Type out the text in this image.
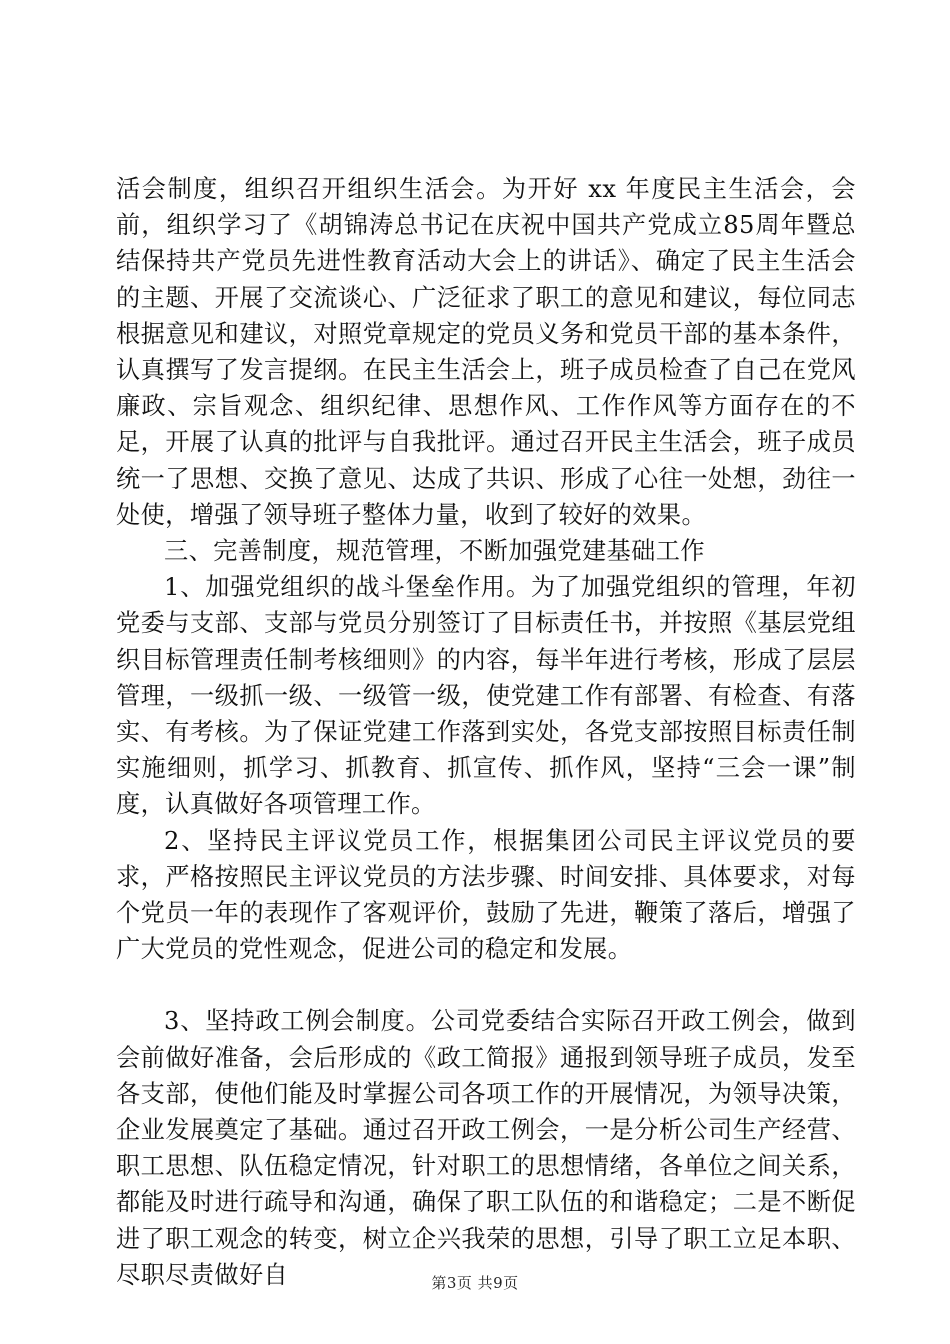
活会制度，组织召开组织生活会。为开好 xx 年度民主生活会，会前，组织学习了《胡锦涛总书记在庆祝中国共产党成立85周年暨总结保持共产党员先进性教育活动大会上的讲话》、确定了民主生活会的主题、开展了交流谈心、广泛征求了职工的意见和建议，每位同志根据意见和建议，对照党章规定的党员义务和党员干部的基本条件，认真撰写了发言提纲。在民主生活会上，班子成员检查了自己在党风廉政、宗旨观念、组织纪律、思想作风、工作作风等方面存在的不足，开展了认真的批评与自我批评。通过召开民主生活会，班子成员统一了思想、交换了意见、达成了共识、形成了心往一处想，劲往一处使，增强了领导班子整体力量，收到了较好的效果。

三、完善制度，规范管理，不断加强党建基础工作

1、加强党组织的战斗堡垒作用。为了加强党组织的管理，年初党委与支部、支部与党员分别签订了目标责任书，并按照《基层党组织目标管理责任制考核细则》的内容，每半年进行考核，形成了层层管理，一级抓一级、一级管一级，使党建工作有部署、有检查、有落实、有考核。为了保证党建工作落到实处，各党支部按照目标责任制实施细则，抓学习、抓教育、抓宣传、抓作风，坚持“三会一课”制度，认真做好各项管理工作。

2、坚持民主评议党员工作，根据集团公司民主评议党员的要求，严格按照民主评议党员的方法步骤、时间安排、具体要求，对每个党员一年的表现作了客观评价，鼓励了先进，鞭策了落后，增强了广大党员的党性观念，促进公司的稳定和发展。

3、坚持政工例会制度。公司党委结合实际召开政工例会，做到会前做好准备，会后形成的《政工简报》通报到领导班子成员，发至各支部，使他们能及时掌握公司各项工作的开展情况，为领导决策，企业发展奠定了基础。通过召开政工例会，一是分析公司生产经营、职工思想、队伍稳定情况，针对职工的思想情绪，各单位之间关系，都能及时进行疏导和沟通，确保了职工队伍的和谐稳定；二是不断促进了职工观念的转变，树立企兴我荣的思想，引导了职工立足本职、尽职尽责做好自	第3页 共9页
